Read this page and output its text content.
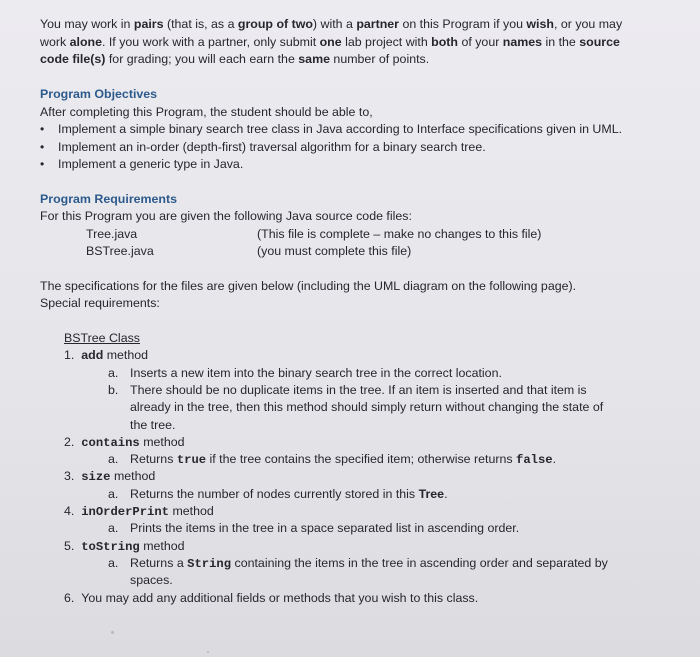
You may work in pairs (that is, as a group of two) with a partner on this Program if you wish, or you may
work alone. If you work with a partner, only submit one lab project with both of your names in the source
code file(s) for grading; you will each earn the same number of points.
Program Objectives
After completing this Program, the student should be able to,
• Implement a simple binary search tree class in Java according to Interface specifications given in UML.
• Implement an in-order (depth-first) traversal algorithm for a binary search tree.
• Implement a generic type in Java.
Program Requirements
For this Program you are given the following Java source code files:
Tree.java	(This file is complete – make no changes to this file)
BSTree.java	(you must complete this file)
The specifications for the files are given below (including the UML diagram on the following page).
Special requirements:
BSTree Class
1. add method
a. Inserts a new item into the binary search tree in the correct location.
b. There should be no duplicate items in the tree. If an item is inserted and that item is
already in the tree, then this method should simply return without changing the state of
the tree.
2. contains method
a. Returns true if the tree contains the specified item; otherwise returns false.
3. size method
a. Returns the number of nodes currently stored in this Tree.
4. inOrderPrint method
a. Prints the items in the tree in a space separated list in ascending order.
5. toString method
a. Returns a String containing the items in the tree in ascending order and separated by
spaces.
6. You may add any additional fields or methods that you wish to this class.
